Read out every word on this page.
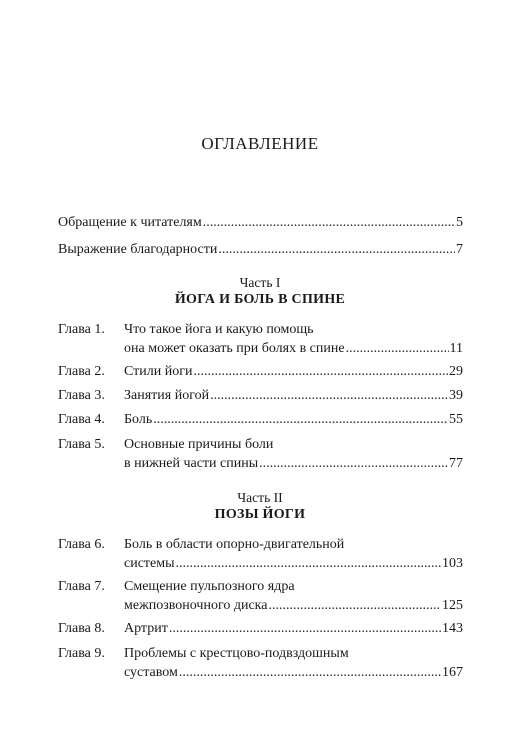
ОГЛАВЛЕНИЕ
Обращение к читателям .....	5
Выражение благодарности .....	7
Часть I
ЙОГА И БОЛЬ В СПИНЕ
Глава 1.	Что такое йога и какую помощь
она может оказать при болях в спине .....	11
Глава 2.	Стили йоги .....	29
Глава 3.	Занятия йогой .....	39
Глава 4.	Боль .....	55
Глава 5.	Основные причины боли
в нижней части спины .....	77
Часть II
ПОЗЫ ЙОГИ
Глава 6.	Боль в области опорно-двигательной
системы .....	103
Глава 7.	Смещение пульпозного ядра
межпозвоночного диска .....	125
Глава 8.	Артрит .....	143
Глава 9.	Проблемы с крестцово-подвздошным
суставом .....	167
